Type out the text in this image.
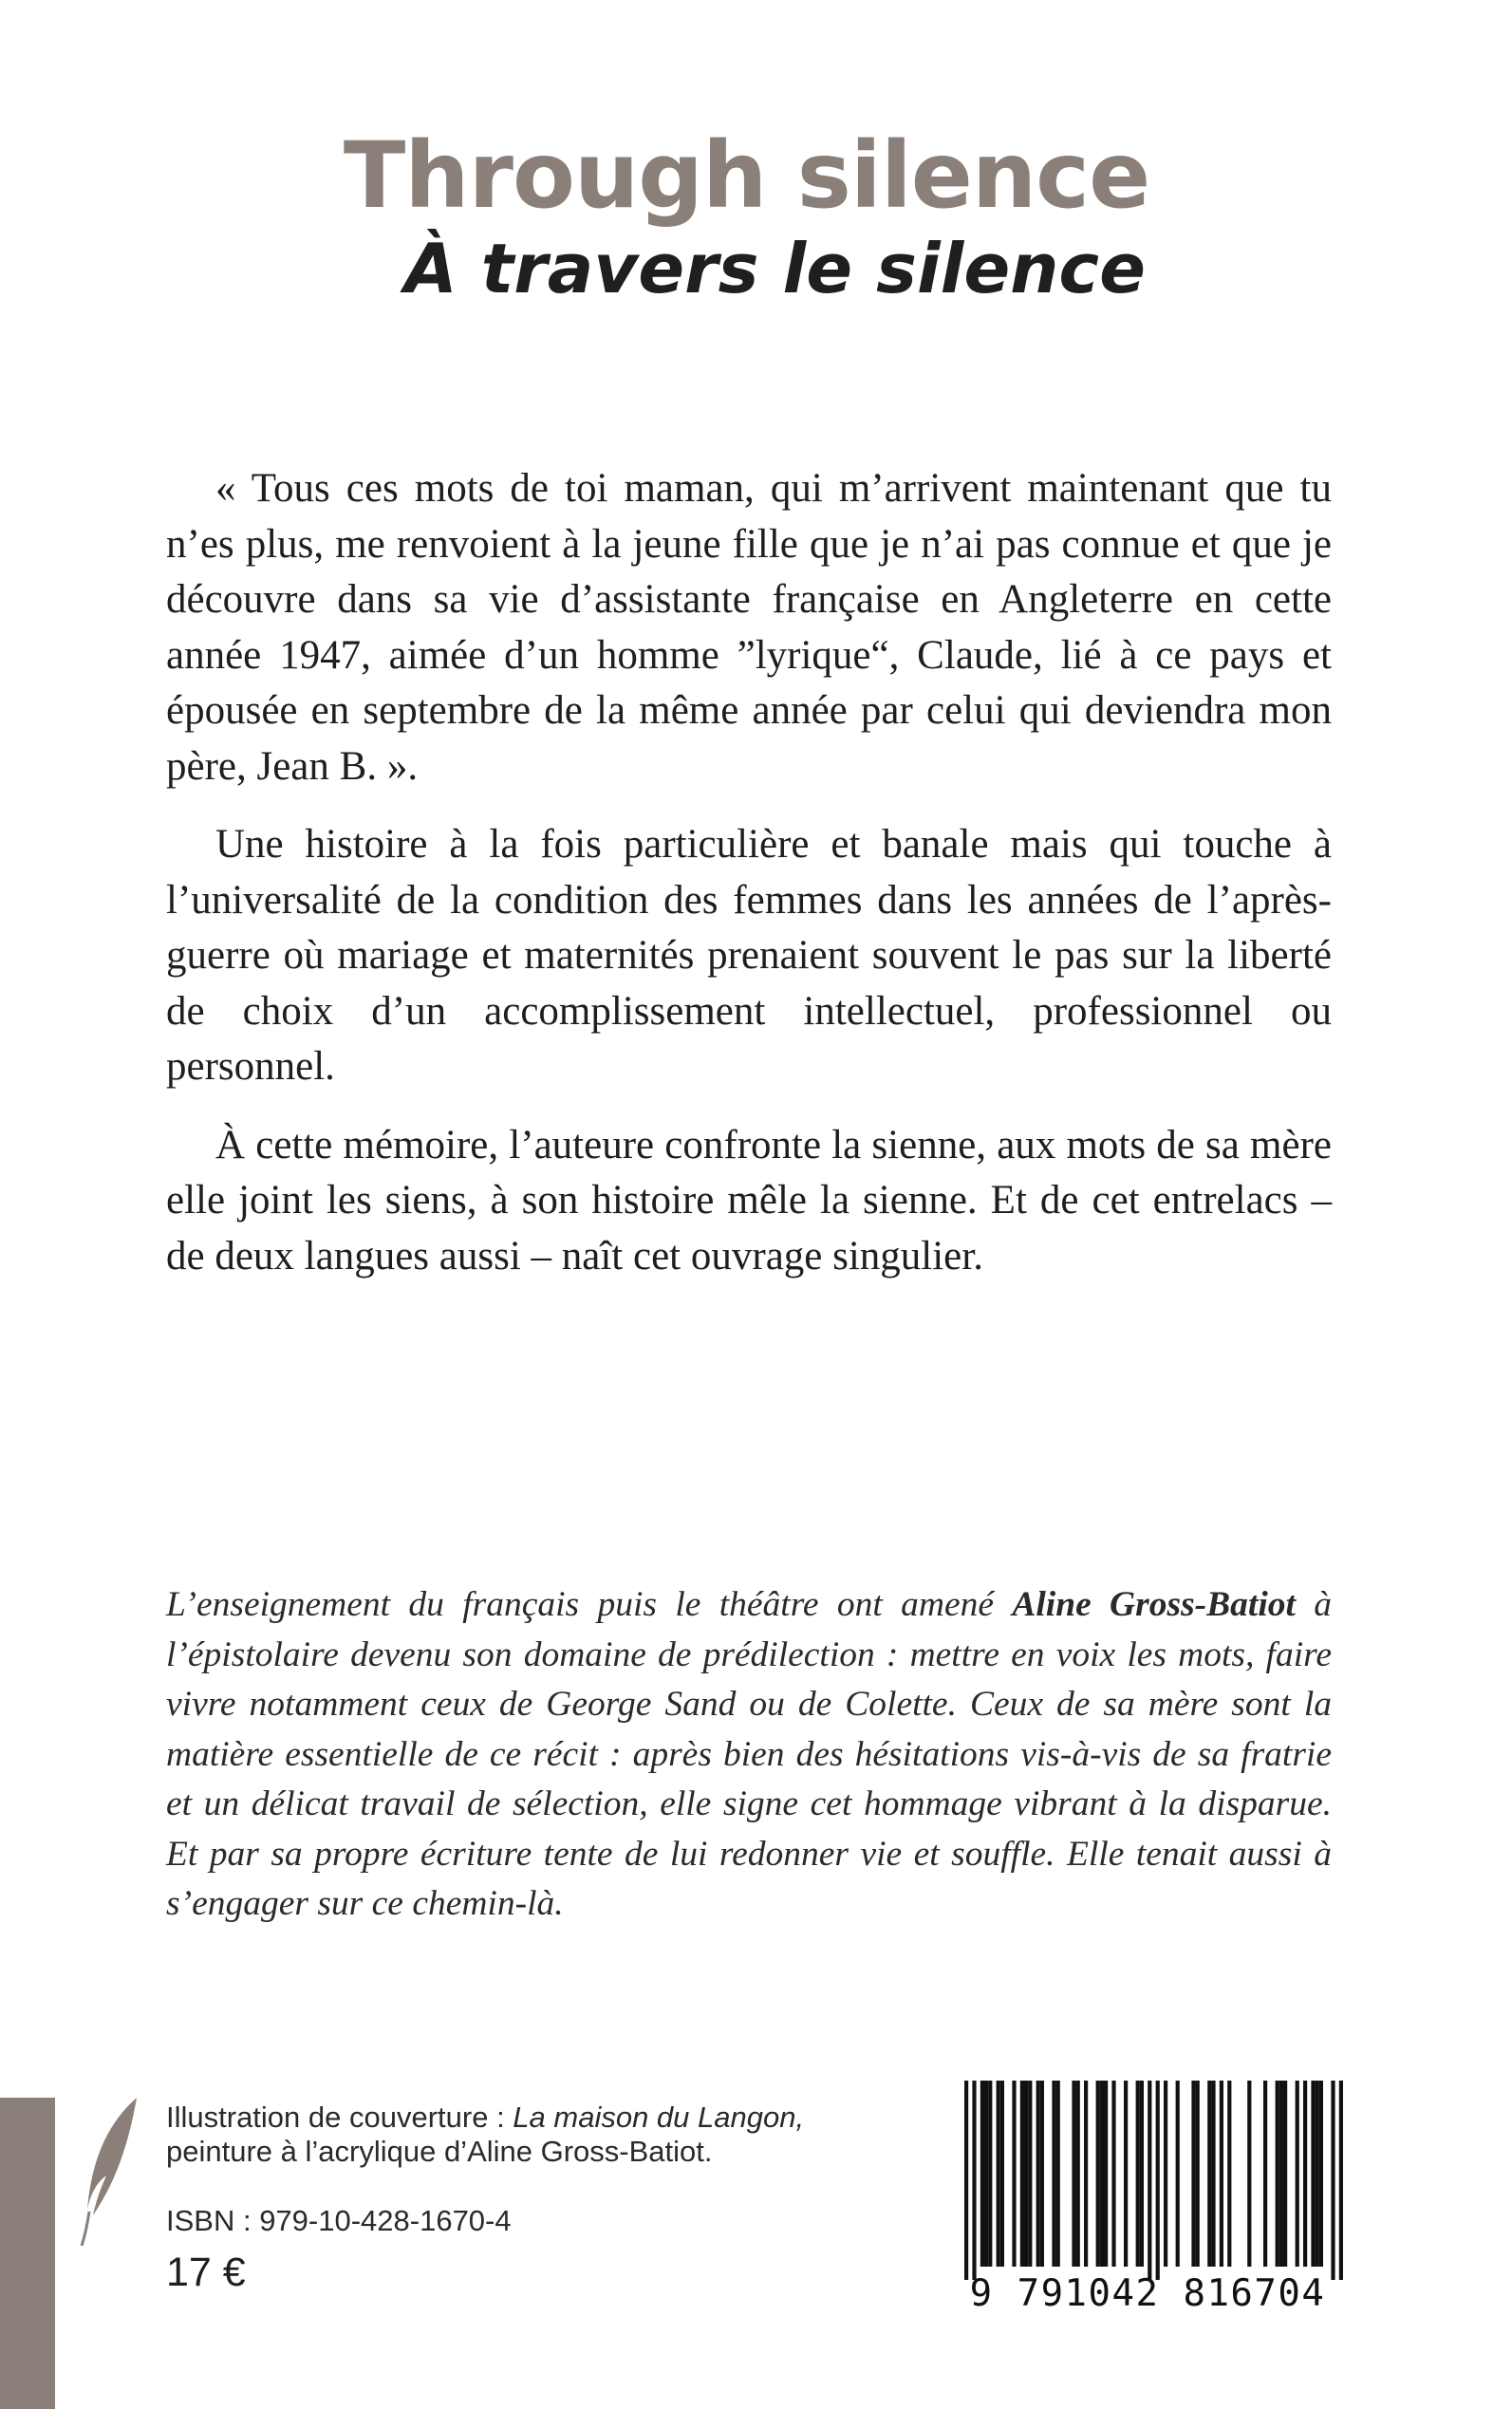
Through silence
À travers le silence

« Tous ces mots de toi maman, qui m’arrivent maintenant que tu n’es plus, me renvoient à la jeune fille que je n’ai pas connue et que je découvre dans sa vie d’assistante française en Angleterre en cette année 1947, aimée d’un homme ”lyrique“, Claude, lié à ce pays et épousée en septembre de la même année par celui qui deviendra mon père, Jean B. ».

Une histoire à la fois particulière et banale mais qui touche à l’universalité de la condition des femmes dans les années de l’après-guerre où mariage et maternités prenaient souvent le pas sur la liberté de choix d’un accomplissement intellectuel, professionnel ou personnel.

À cette mémoire, l’auteure confronte la sienne, aux mots de sa mère elle joint les siens, à son histoire mêle la sienne. Et de cet entrelacs – de deux langues aussi – naît cet ouvrage singulier.

L’enseignement du français puis le théâtre ont amené Aline Gross-Batiot à l’épistolaire devenu son domaine de prédilection : mettre en voix les mots, faire vivre notamment ceux de George Sand ou de Colette. Ceux de sa mère sont la matière essentielle de ce récit : après bien des hésitations vis-à-vis de sa fratrie et un délicat travail de sélection, elle signe cet hommage vibrant à la disparue. Et par sa propre écriture tente de lui redonner vie et souffle. Elle tenait aussi à s’engager sur ce chemin-là.

Illustration de couverture : La maison du Langon,
peinture à l’acrylique d’Aline Gross-Batiot.
ISBN : 979-10-428-1670-4
17 €	9 791042 816704
